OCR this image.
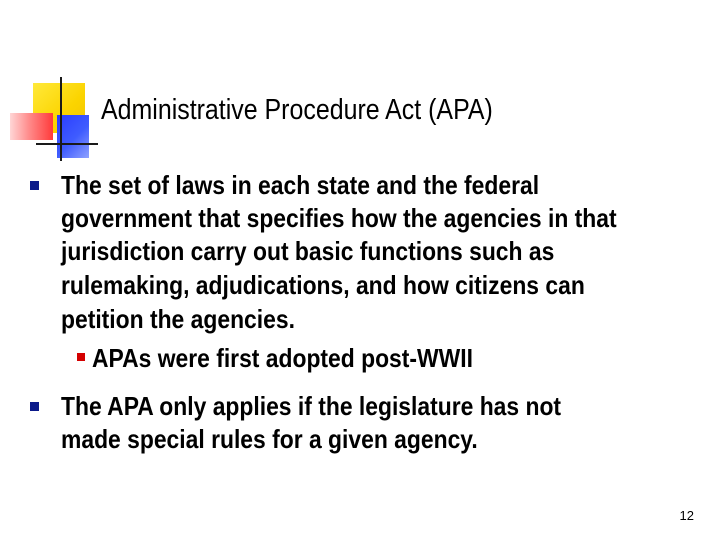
Administrative Procedure Act (APA)
The set of laws in each state and the federal
government that specifies how the agencies in that
jurisdiction carry out basic functions such as
rulemaking, adjudications, and how citizens can
petition the agencies.
APAs were first adopted post-WWII
The APA only applies if the legislature has not
made special rules for a given agency.
12
